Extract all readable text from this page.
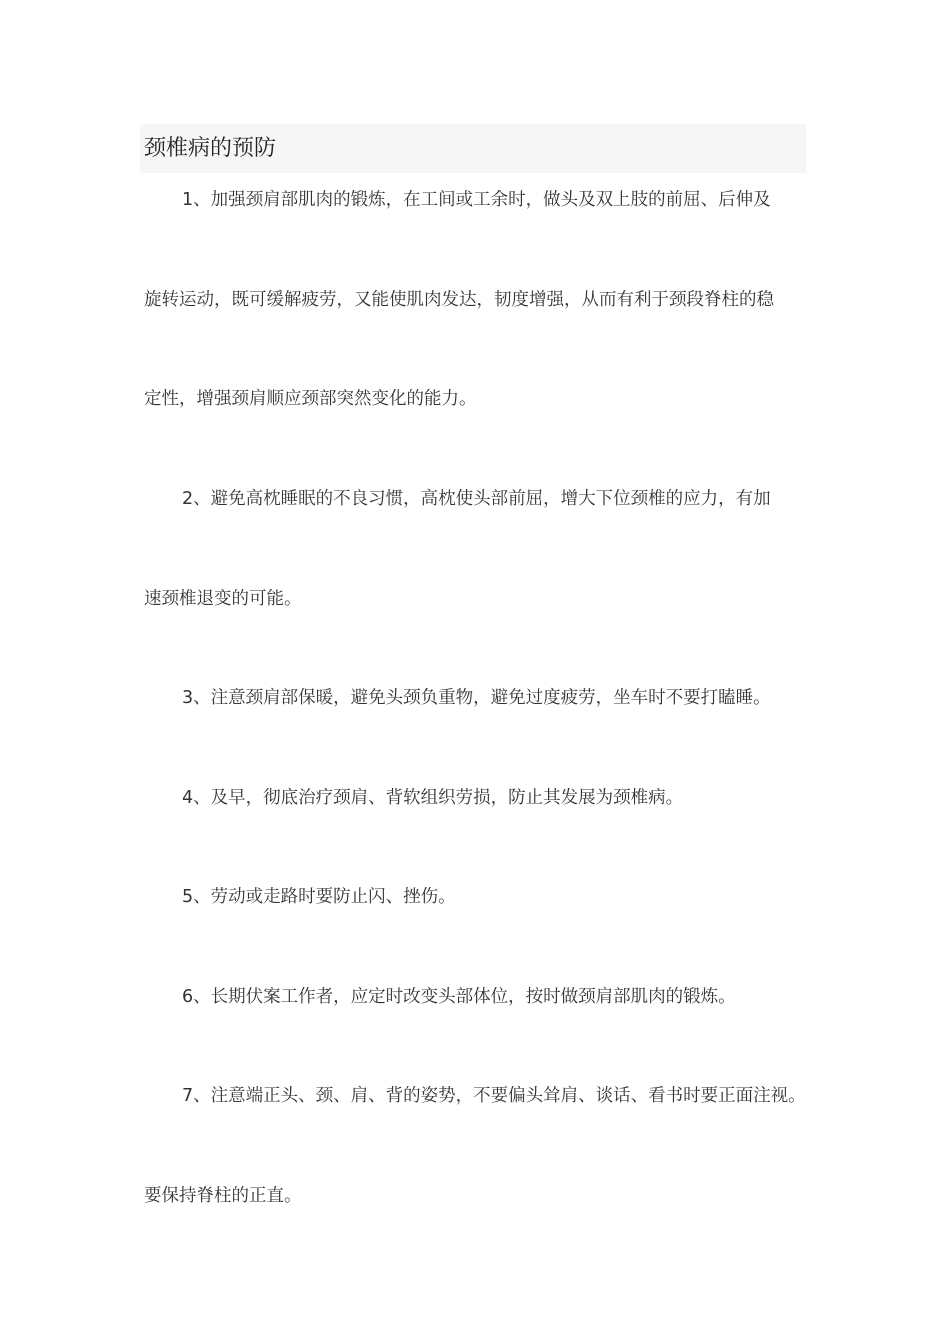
颈椎病的预防
1、加强颈肩部肌肉的锻炼，在工间或工余时，做头及双上肢的前屈、后伸及
旋转运动，既可缓解疲劳，又能使肌肉发达，韧度增强，从而有利于颈段脊柱的稳
定性，增强颈肩顺应颈部突然变化的能力。
2、避免高枕睡眠的不良习惯，高枕使头部前屈，增大下位颈椎的应力，有加
速颈椎退变的可能。
3、注意颈肩部保暖，避免头颈负重物，避免过度疲劳，坐车时不要打瞌睡。
4、及早，彻底治疗颈肩、背软组织劳损，防止其发展为颈椎病。
5、劳动或走路时要防止闪、挫伤。
6、长期伏案工作者，应定时改变头部体位，按时做颈肩部肌肉的锻炼。
7、注意端正头、颈、肩、背的姿势，不要偏头耸肩、谈话、看书时要正面注视。
要保持脊柱的正直。
